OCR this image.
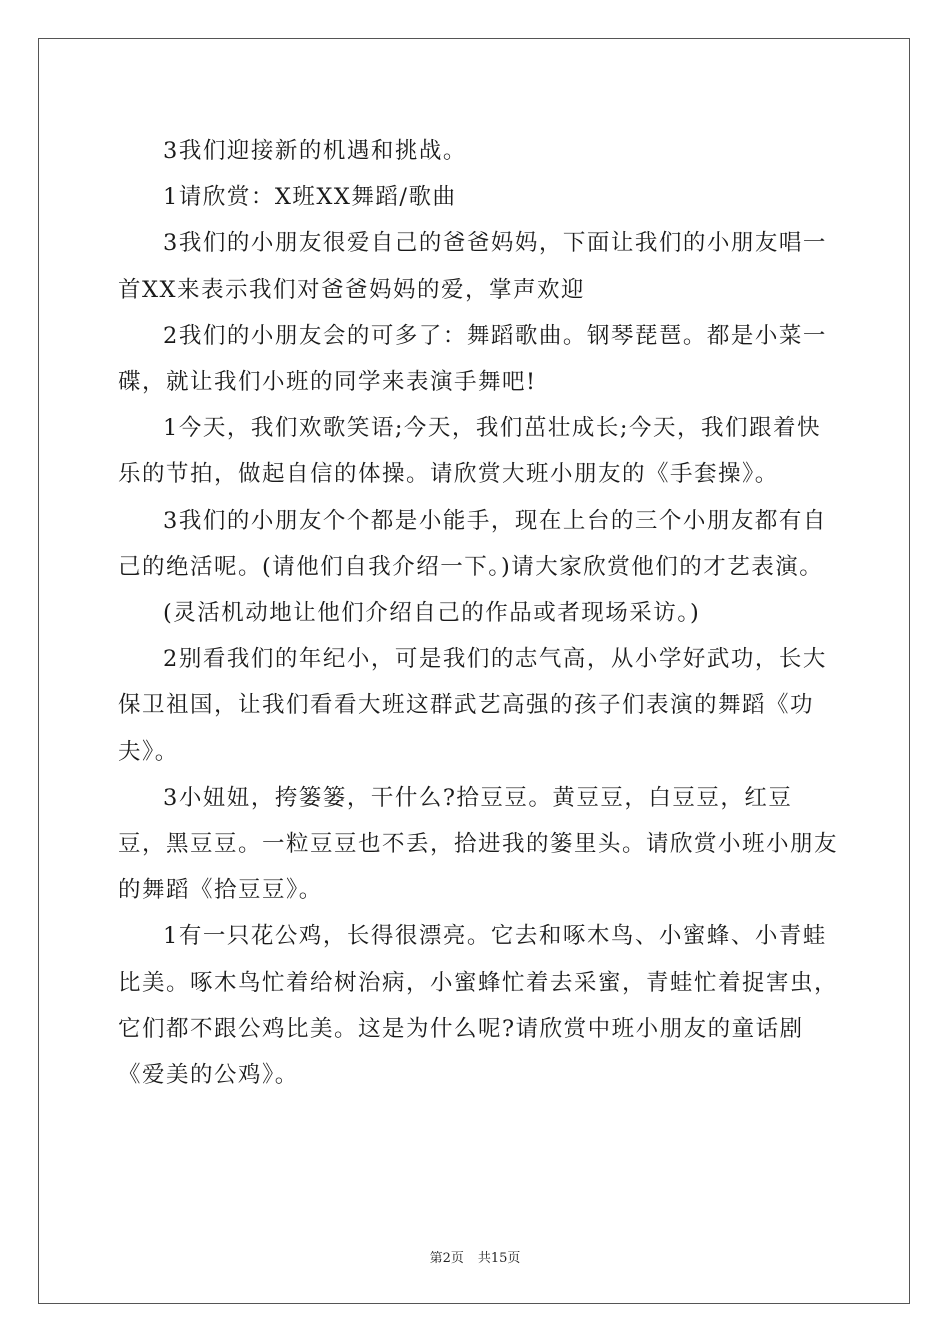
3我们迎接新的机遇和挑战。

1请欣赏：X班XX舞蹈/歌曲

3我们的小朋友很爱自己的爸爸妈妈，下面让我们的小朋友唱一首XX来表示我们对爸爸妈妈的爱，掌声欢迎

2我们的小朋友会的可多了：舞蹈歌曲。钢琴琵琶。都是小菜一碟，就让我们小班的同学来表演手舞吧!

1今天，我们欢歌笑语;今天，我们茁壮成长;今天，我们跟着快乐的节拍，做起自信的体操。请欣赏大班小朋友的《手套操》。

3我们的小朋友个个都是小能手，现在上台的三个小朋友都有自己的绝活呢。(请他们自我介绍一下。)请大家欣赏他们的才艺表演。

(灵活机动地让他们介绍自己的作品或者现场采访。)

2别看我们的年纪小，可是我们的志气高，从小学好武功，长大保卫祖国，让我们看看大班这群武艺高强的孩子们表演的舞蹈《功夫》。

3小妞妞，挎篓篓，干什么?拾豆豆。黄豆豆，白豆豆，红豆豆，黑豆豆。一粒豆豆也不丢，拾进我的篓里头。请欣赏小班小朋友的舞蹈《拾豆豆》。

1有一只花公鸡，长得很漂亮。它去和啄木鸟、小蜜蜂、小青蛙比美。啄木鸟忙着给树治病，小蜜蜂忙着去采蜜，青蛙忙着捉害虫，它们都不跟公鸡比美。这是为什么呢?请欣赏中班小朋友的童话剧《爱美的公鸡》。

第2页 共15页
